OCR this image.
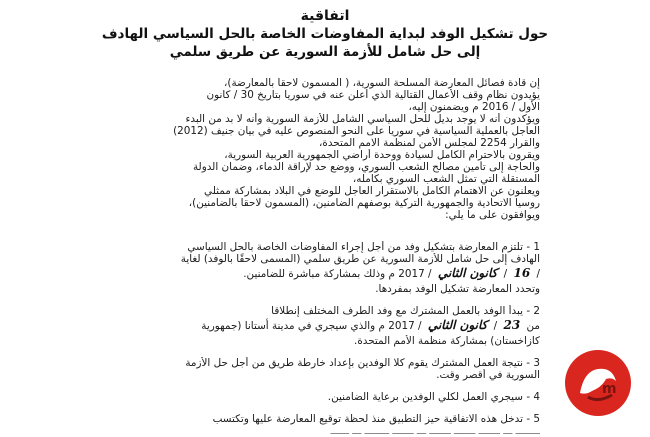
اتفاقية
حول تشكيل الوفد لبداية المفاوضات الخاصة بالحل السياسي الهادف
إلى حل شامل للأزمة السورية عن طريق سلمي
إن قادة فصائل المعارضة المسلحة السورية، ( المسمون لاحقا بالمعارضة)،
يؤيدون نظام وقف الأعمال القتالية الذي أعلن عنه في سوريا بتاريخ 30 / كانون
الأول / 2016 م ويضمنون إليه،
ويؤكدون أنه لا يوجد بديل للحل السياسي الشامل للأزمة السورية وأنه لا بد من البدء
العاجل بالعملية السياسية في سوريا على النحو المنصوص عليه في بيان جنيف (2012)
والقرار 2254 لمجلس الأمن لمنظمة الامم المتحدة،
ويقرون بالاحترام الكامل لسيادة ووحدة أراضي الجمهورية العربية السورية،
والحاجة إلى تأمين مصالح الشعب السوري، ووضع حد لإراقة الدماء، وضمان الدولة
المستقلة التي تمثل الشعب السوري بكامله،
ويعلنون عن الاهتمام الكامل بالاستقرار العاجل للوضع في البلاد بمشاركة ممثلي
روسيا الاتحادية والجمهورية التركية بوصفهم الضامنين، (المسمون لاحقا بالضامنين)،
ويوافقون على ما يلي:
1 - تلتزم المعارضة بتشكيل وفد من أجل إجراء المفاوضات الخاصة بالحل السياسي
الهادف إلى حل شامل للأزمة السورية عن طريق سلمي (المسمى لاحقًا بالوفد) لغاية
/ 16 / كانون الثاني / 2017 م وذلك بمشاركة مباشرة للضامنين.
وتحدد المعارضة تشكيل الوفد بمفردها.
2 - يبدأ الوفد بالعمل المشترك مع وفد الطرف المختلف إنطلاقا
من 23 / كانون الثاني / 2017 م والذي سيجري في مدينة أستانا (جمهورية
كازاخستان) بمشاركة منظمة الأمم المتحدة.
3 - نتيجة العمل المشترك يقوم كلا الوفدين بإعداد خارطة طريق من أجل حل الأزمة
السورية في أقصر وقت.
4 - سيجري العمل لكلي الوفدين برعاية الضامنين.
5 - تدخل هذه الاتفاقية حيز التطبيق منذ لحظة توقيع المعارضة عليها وتكتسب
ــــــــ ـــ ـــــــ ـــــــ ـــــــ ـــ ـــــــ ــــــــ ـــ ــــــ
m
